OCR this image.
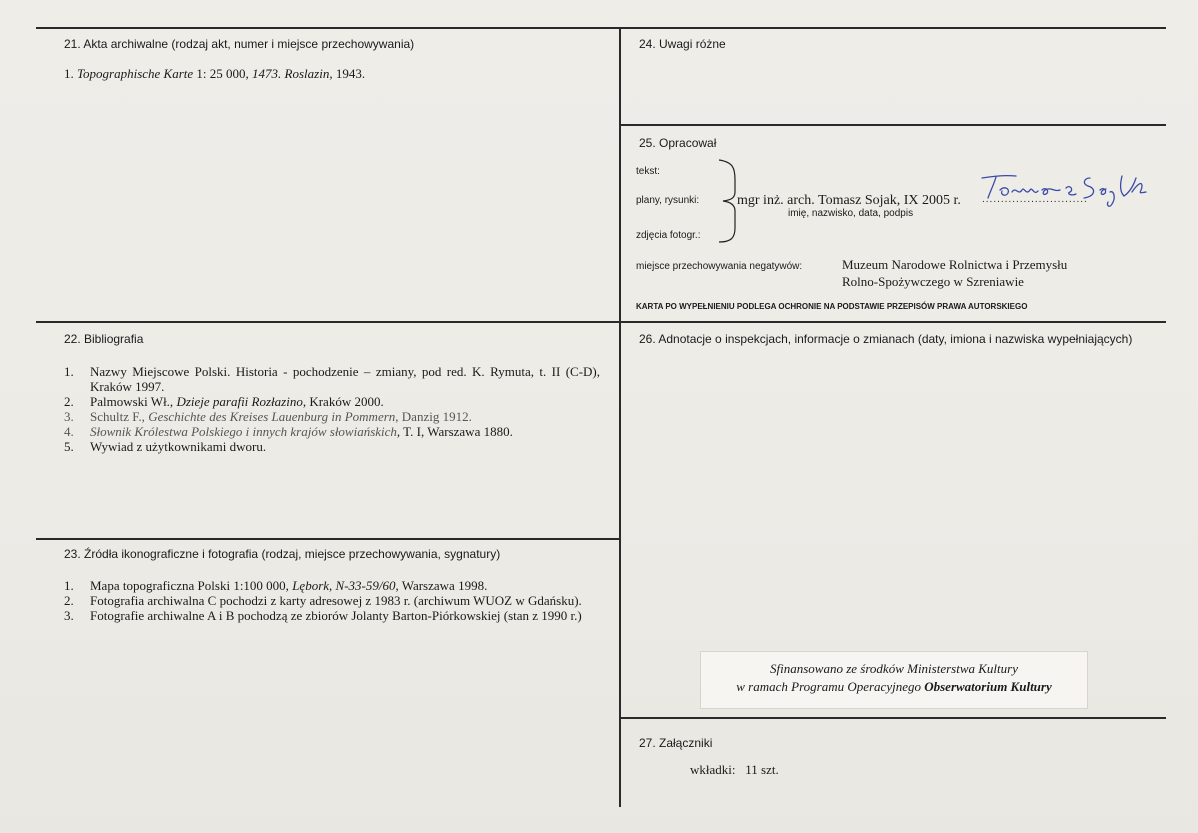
21. Akta archiwalne (rodzaj akt, numer i miejsce przechowywania)
1. Topographische Karte 1: 25 000, 1473. Roslazin, 1943.
24. Uwagi różne
25. Opracował
tekst:
plany, rysunki:
zdjęcia fotogr.:
mgr inż. arch. Tomasz Sojak, IX 2005 r. ............................
imię, nazwisko, data, podpis
miejsce przechowywania negatywów:	Muzeum Narodowe Rolnictwa i Przemysłu
Rolno-Spożywczego w Szreniawie
KARTA PO WYPEŁNIENIU PODLEGA OCHRONIE NA PODSTAWIE PRZEPISÓW PRAWA AUTORSKIEGO
22. Bibliografia
1. Nazwy Miejscowe Polski. Historia - pochodzenie – zmiany, pod red. K. Rymuta, t. II (C-D), Kraków 1997.
2. Palmowski Wł., Dzieje parafii Rozłazino, Kraków 2000.
3. Schultz F., Geschichte des Kreises Lauenburg in Pommern, Danzig 1912.
4. Słownik Królestwa Polskiego i innych krajów słowiańskich, T. I, Warszawa 1880.
5. Wywiad z użytkownikami dworu.
23. Źródła ikonograficzne i fotografia (rodzaj, miejsce przechowywania, sygnatury)
1. Mapa topograficzna Polski 1:100 000, Lębork, N-33-59/60, Warszawa 1998.
2. Fotografia archiwalna C pochodzi z karty adresowej z 1983 r. (archiwum WUOZ w Gdańsku).
3. Fotografie archiwalne A i B pochodzą ze zbiorów Jolanty Barton-Piórkowskiej (stan z 1990 r.)
26. Adnotacje o inspekcjach, informacje o zmianach (daty, imiona i nazwiska wypełniających)
Sfinansowano ze środków Ministerstwa Kultury
w ramach Programu Operacyjnego Obserwatorium Kultury
27. Załączniki
wkładki: 11 szt.
